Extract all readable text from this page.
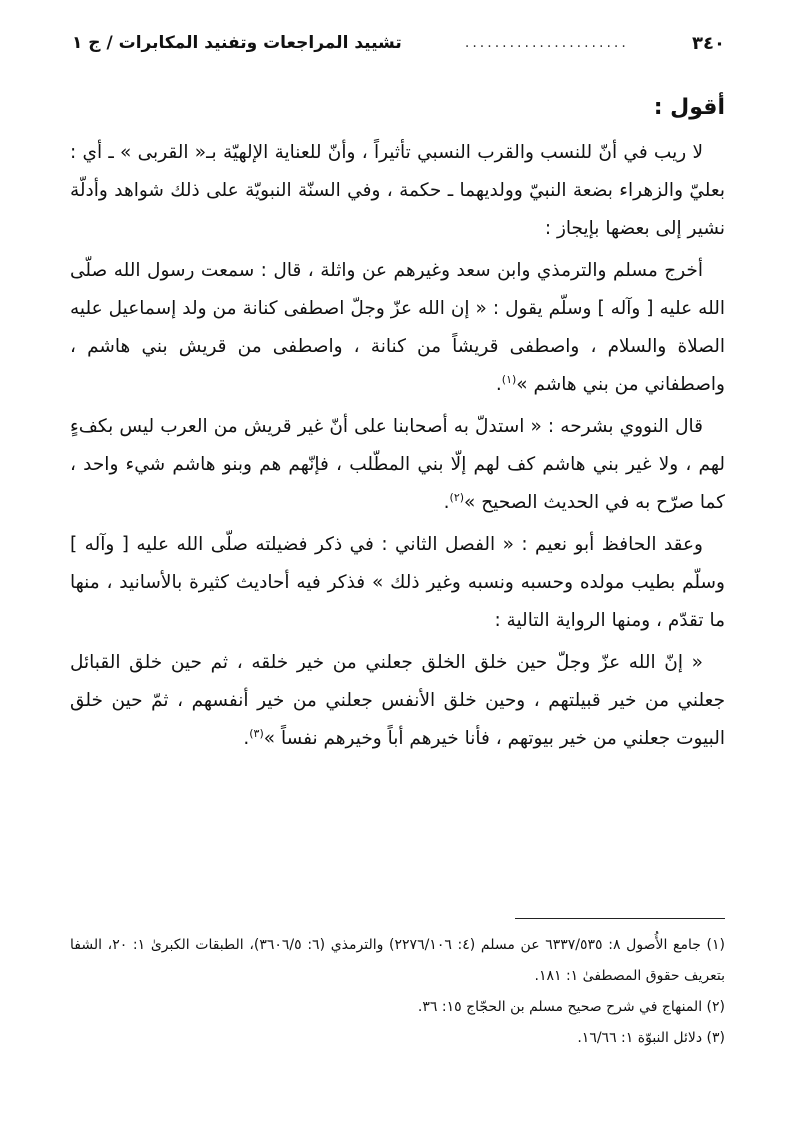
٣٤٠
......................
تشييد المراجعات وتفنيد المكابرات / ج ١
أقول :

لا ريب في أنّ للنسب والقرب النسبي تأثيراً ، وأنّ للعناية الإلهيّة بـ« القربى » ـ أي : بعليّ والزهراء بضعة النبيّ وولديهما ـ حكمة ، وفي السنّة النبويّة على ذلك شواهد وأدلّة نشير إلى بعضها بإيجاز :

أخرج مسلم والترمذي وابن سعد وغيرهم عن واثلة ، قال : سمعت رسول الله صلّى الله عليه [ وآله ] وسلّم يقول : « إن الله عزّ وجلّ اصطفى كنانة من ولد إسماعيل عليه الصلاة والسلام ، واصطفى قريشاً من كنانة ، واصطفى من قريش بني هاشم ، واصطفاني من بني هاشم »$^{(١)}$.

قال النووي بشرحه : « استدلّ به أصحابنا على أنّ غير قريش من العرب ليس بكفءٍ لهم ، ولا غير بني هاشم كف لهم إلّا بني المطّلب ، فإنّهم هم وبنو هاشم شيء واحد ، كما صرّح به في الحديث الصحيح »$^{(٢)}$.

وعقد الحافظ أبو نعيم : « الفصل الثاني : في ذكر فضيلته صلّى الله عليه [ وآله ] وسلّم بطيب مولده وحسبه ونسبه وغير ذلك » فذكر فيه أحاديث كثيرة بالأسانيد ، منها ما تقدّم ، ومنها الرواية التالية :

« إنّ الله عزّ وجلّ حين خلق الخلق جعلني من خير خلقه ، ثم حين خلق القبائل جعلني من خير قبيلتهم ، وحين خلق الأنفس جعلني من خير أنفسهم ، ثمّ حين خلق البيوت جعلني من خير بيوتهم ، فأنا خيرهم أباً وخيرهم نفساً »$^{(٣)}$.

(١) جامع الأُصول ٨: ٦٣٣٧/٥٣٥ عن مسلم (٤: ٢٢٧٦/١٠٦) والترمذي (٦: ٣٦٠٦/٥)، الطبقات الكبرىٰ ١: ٢٠، الشفا بتعريف حقوق المصطفىٰ ١: ١٨١.

(٢) المنهاج في شرح صحيح مسلم بن الحجّاج ١٥: ٣٦.

(٣) دلائل النبوّة ١: ١٦/٦٦.
